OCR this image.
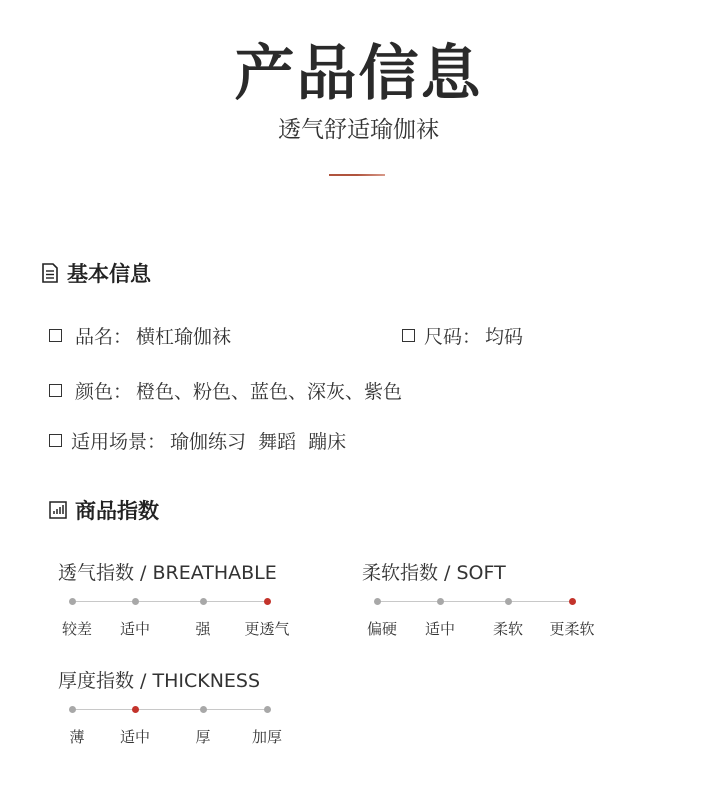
产品信息
透气舒适瑜伽袜
基本信息
品名： 横杠瑜伽袜	尺码： 均码
颜色： 橙色、粉色、蓝色、深灰、紫色
适用场景： 瑜伽练习  舞蹈  蹦床
商品指数
透气指数 / BREATHABLE
较差 适中	强 更透气
柔软指数 / SOFT
偏硬 适中	柔软 更柔软
厚度指数 / THICKNESS
薄 适中	厚	加厚
